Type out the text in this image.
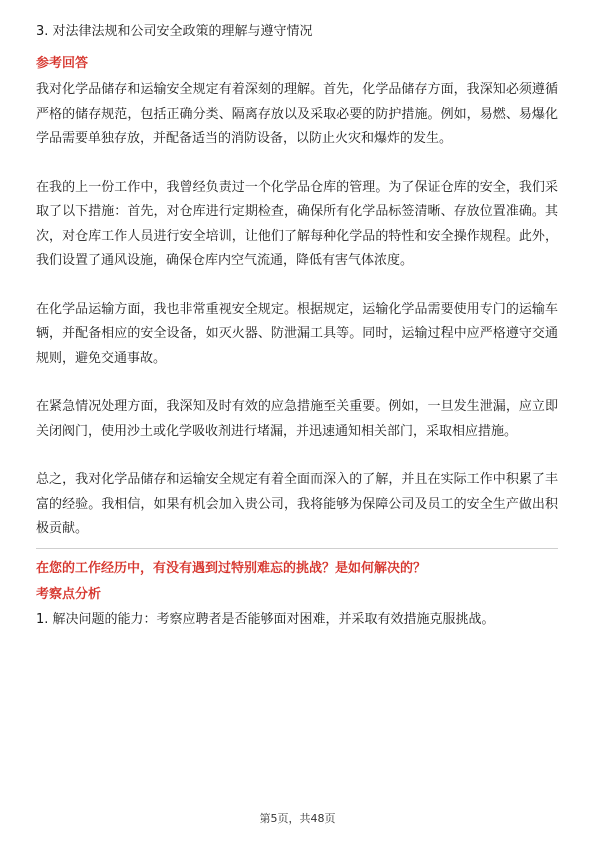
3. 对法律法规和公司安全政策的理解与遵守情况
参考回答

我对化学品储存和运输安全规定有着深刻的理解。首先，化学品储存方面，我深知必须遵循严格的储存规范，包括正确分类、隔离存放以及采取必要的防护措施。例如，易燃、易爆化学品需要单独存放，并配备适当的消防设备，以防止火灾和爆炸的发生。

在我的上一份工作中，我曾经负责过一个化学品仓库的管理。为了保证仓库的安全，我们采取了以下措施：首先，对仓库进行定期检查，确保所有化学品标签清晰、存放位置准确。其次，对仓库工作人员进行安全培训，让他们了解每种化学品的特性和安全操作规程。此外，我们设置了通风设施，确保仓库内空气流通，降低有害气体浓度。

在化学品运输方面，我也非常重视安全规定。根据规定，运输化学品需要使用专门的运输车辆，并配备相应的安全设备，如灭火器、防泄漏工具等。同时，运输过程中应严格遵守交通规则，避免交通事故。

在紧急情况处理方面，我深知及时有效的应急措施至关重要。例如，一旦发生泄漏，应立即关闭阀门，使用沙土或化学吸收剂进行堵漏，并迅速通知相关部门，采取相应措施。

总之，我对化学品储存和运输安全规定有着全面而深入的了解，并且在实际工作中积累了丰富的经验。我相信，如果有机会加入贵公司，我将能够为保障公司及员工的安全生产做出积极贡献。

在您的工作经历中，有没有遇到过特别难忘的挑战？是如何解决的？
考察点分析
1. 解决问题的能力：考察应聘者是否能够面对困难，并采取有效措施克服挑战。
第5页，共48页
